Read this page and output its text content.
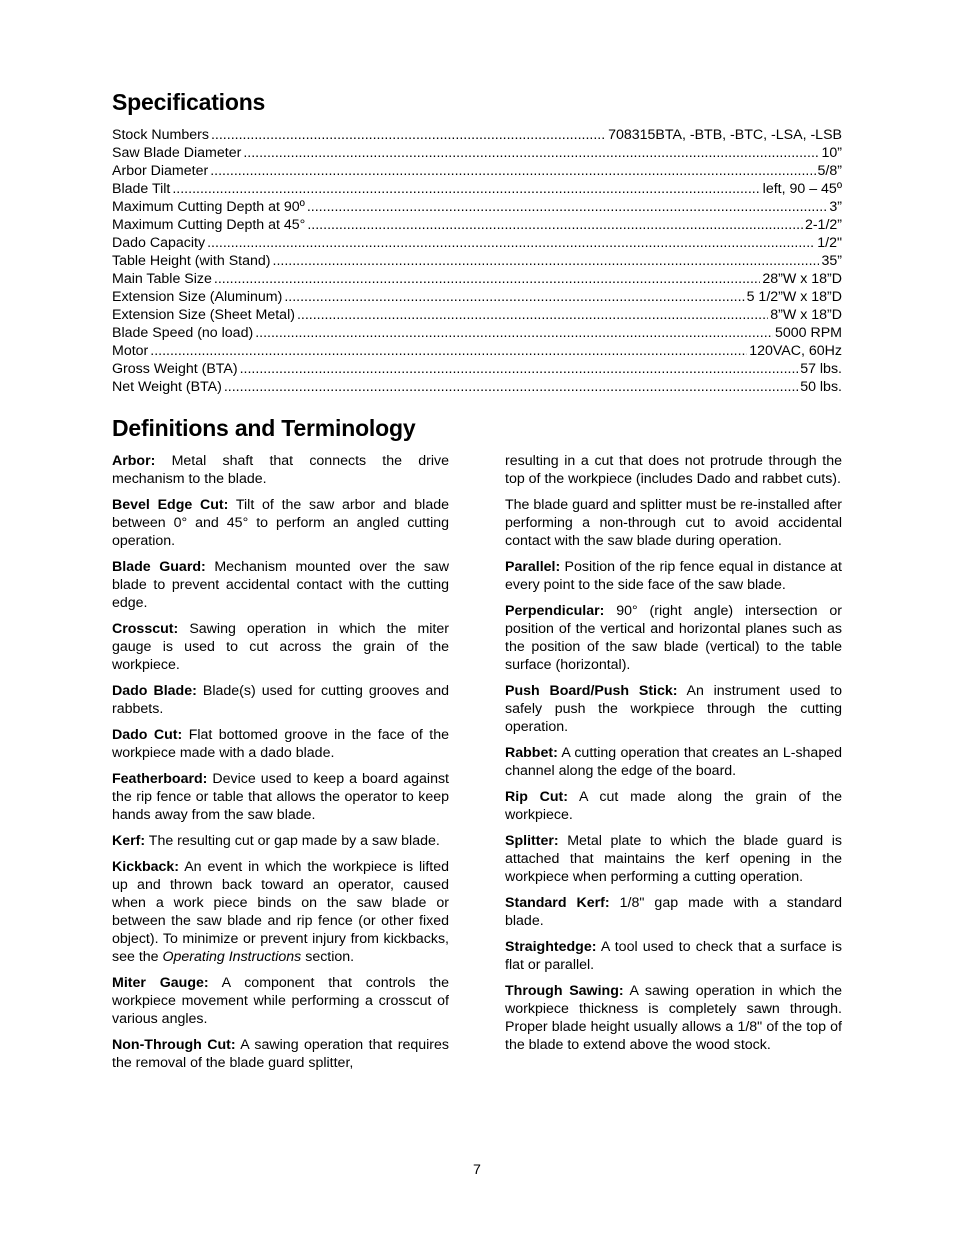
Specifications
Stock Numbers .....	708315BTA, -BTB, -BTC, -LSA, -LSB
Saw Blade Diameter .....	10”
Arbor Diameter .....	5/8”
Blade Tilt .....	left, 90 – 45º
Maximum Cutting Depth at 90º .....	3”
Maximum Cutting Depth at 45° .....	2-1/2”
Dado Capacity .....	1/2"
Table Height (with Stand) .....	35”
Main Table Size .....	28”W x 18”D
Extension Size (Aluminum) .....	5 1/2”W x 18”D
Extension Size (Sheet Metal) .....	8”W x 18”D
Blade Speed (no load) .....	5000 RPM
Motor .....	120VAC, 60Hz
Gross Weight (BTA) .....	57 lbs.
Net Weight (BTA) .....	50 lbs.
Definitions and Terminology

Arbor: Metal shaft that connects the drive mechanism to the blade.

Bevel Edge Cut: Tilt of the saw arbor and blade between 0° and 45° to perform an angled cutting operation.

Blade Guard: Mechanism mounted over the saw blade to prevent accidental contact with the cutting edge.

Crosscut: Sawing operation in which the miter gauge is used to cut across the grain of the workpiece.

Dado Blade: Blade(s) used for cutting grooves and rabbets.

Dado Cut: Flat bottomed groove in the face of the workpiece made with a dado blade.

Featherboard: Device used to keep a board against the rip fence or table that allows the operator to keep hands away from the saw blade.

Kerf: The resulting cut or gap made by a saw blade.

Kickback: An event in which the workpiece is lifted up and thrown back toward an operator, caused when a work piece binds on the saw blade or between the saw blade and rip fence (or other fixed object). To minimize or prevent injury from kickbacks, see the Operating Instructions section.

Miter Gauge: A component that controls the workpiece movement while performing a crosscut of various angles.

Non-Through Cut: A sawing operation that requires the removal of the blade guard splitter,

resulting in a cut that does not protrude through the top of the workpiece (includes Dado and rabbet cuts).

The blade guard and splitter must be re-installed after performing a non-through cut to avoid accidental contact with the saw blade during operation.

Parallel: Position of the rip fence equal in distance at every point to the side face of the saw blade.

Perpendicular: 90° (right angle) intersection or position of the vertical and horizontal planes such as the position of the saw blade (vertical) to the table surface (horizontal).

Push Board/Push Stick: An instrument used to safely push the workpiece through the cutting operation.

Rabbet: A cutting operation that creates an L-shaped channel along the edge of the board.

Rip Cut: A cut made along the grain of the workpiece.

Splitter: Metal plate to which the blade guard is attached that maintains the kerf opening in the workpiece when performing a cutting operation.

Standard Kerf: 1/8" gap made with a standard blade.

Straightedge: A tool used to check that a surface is flat or parallel.

Through Sawing: A sawing operation in which the workpiece thickness is completely sawn through. Proper blade height usually allows a 1/8" of the top of the blade to extend above the wood stock.

7
